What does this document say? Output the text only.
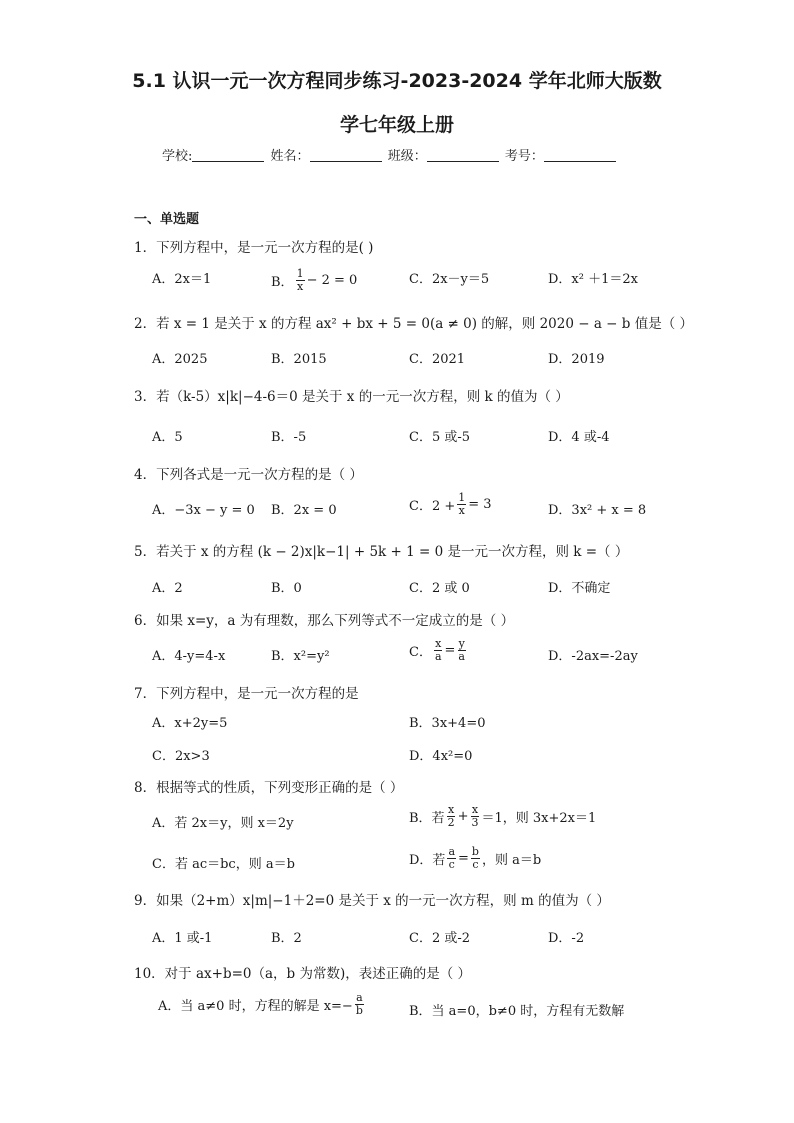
5.1 认识一元一次方程同步练习-2023-2024 学年北师大版数
学七年级上册
学校:	姓名：	班级：	考号：
一、单选题
1．下列方程中，是一元一次方程的是( )
A．2x＝1	B． $\frac{1}{x} - 2 = 0$	C．2x－y＝5	D．x² ＋1＝2x
2．若 x = 1 是关于 x 的方程 ax² + bx + 5 = 0(a ≠ 0) 的解，则 2020 − a − b 值是（ ）
A．2025	B．2015	C．2021	D．2019
3．若（k-5）x|k|−4-6＝0 是关于 x 的一元一次方程，则 k 的值为（ ）
A．5	B．-5	C．5 或-5	D．4 或-4
4．下列各式是一元一次方程的是（ ）
A．−3x − y = 0 B．2x = 0	C．$2 + \frac{1}{x} = 3$	D．3x² + x = 8
5．若关于 x 的方程 (k − 2)x|k−1| + 5k + 1 = 0 是一元一次方程，则 k =（ ）
A．2	B．0	C．2 或 0	D．不确定
6．如果 x=y，a 为有理数，那么下列等式不一定成立的是（ ）
A．4-y=4-x	B．x²=y²	C． $\frac{x}{a} = \frac{y}{a}$	D．-2ax=-2ay
7．下列方程中，是一元一次方程的是
A．x+2y=5	B．3x+4=0
C．2x>3	D．4x²=0
8．根据等式的性质，下列变形正确的是（ ）
A．若 2x＝y，则 x＝2y	B．若 $\frac{x}{2} + \frac{x}{3} =1$，则 3x+2x＝1
C．若 ac＝bc，则 a＝b	D．若 $\frac{a}{c} = \frac{b}{c}$ ，则 a＝b
9．如果（2+m）x|m|−1＋2=0 是关于 x 的一元一次方程，则 m 的值为（ ）
A．1 或-1	B．2	C．2 或-2	D．-2
10．对于 ax+b=0（a，b 为常数)，表述正确的是（ ）
A．当 a≠0 时，方程的解是 $x=- \frac{a}{b}$	B．当 a=0，b≠0 时，方程有无数解
